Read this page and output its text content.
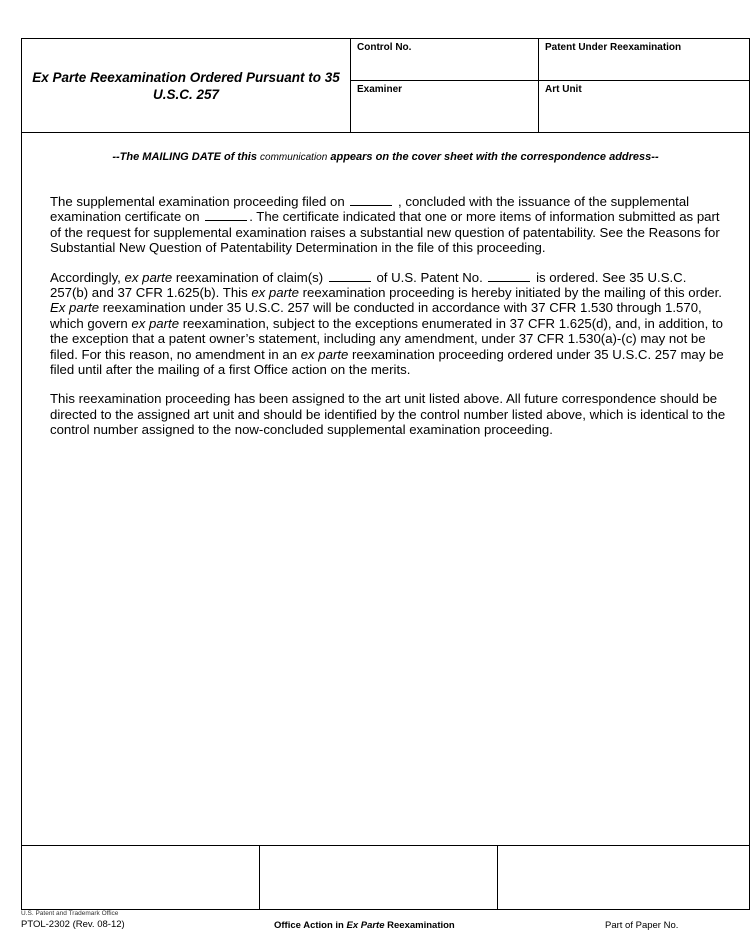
Ex Parte Reexamination Ordered Pursuant to 35 U.S.C. 257
Control No.	Patent Under Reexamination
Examiner	Art Unit
--The MAILING DATE of this communication appears on the cover sheet with the correspondence address--

The supplemental examination proceeding filed on	, concluded with the issuance of the supplemental examination certificate on	. The certificate indicated that one or more items of information submitted as part of the request for supplemental examination raises a substantial new question of patentability. See the Reasons for Substantial New Question of Patentability Determination in the file of this proceeding.

Accordingly, ex parte reexamination of claim(s)	of U.S. Patent No.	is ordered. See 35 U.S.C. 257(b) and 37 CFR 1.625(b). This ex parte reexamination proceeding is hereby initiated by the mailing of this order. Ex parte reexamination under 35 U.S.C. 257 will be conducted in accordance with 37 CFR 1.530 through 1.570, which govern ex parte reexamination, subject to the exceptions enumerated in 37 CFR 1.625(d), and, in addition, to the exception that a patent owner’s statement, including any amendment, under 37 CFR 1.530(a)-(c) may not be filed. For this reason, no amendment in an ex parte reexamination proceeding ordered under 35 U.S.C. 257 may be filed until after the mailing of a first Office action on the merits.

This reexamination proceeding has been assigned to the art unit listed above. All future correspondence should be directed to the assigned art unit and should be identified by the control number listed above, which is identical to the control number assigned to the now-concluded supplemental examination proceeding.

U.S. Patent and Trademark Office
PTOL-2302 (Rev. 08-12)	Office Action in Ex Parte Reexamination	Part of Paper No.
